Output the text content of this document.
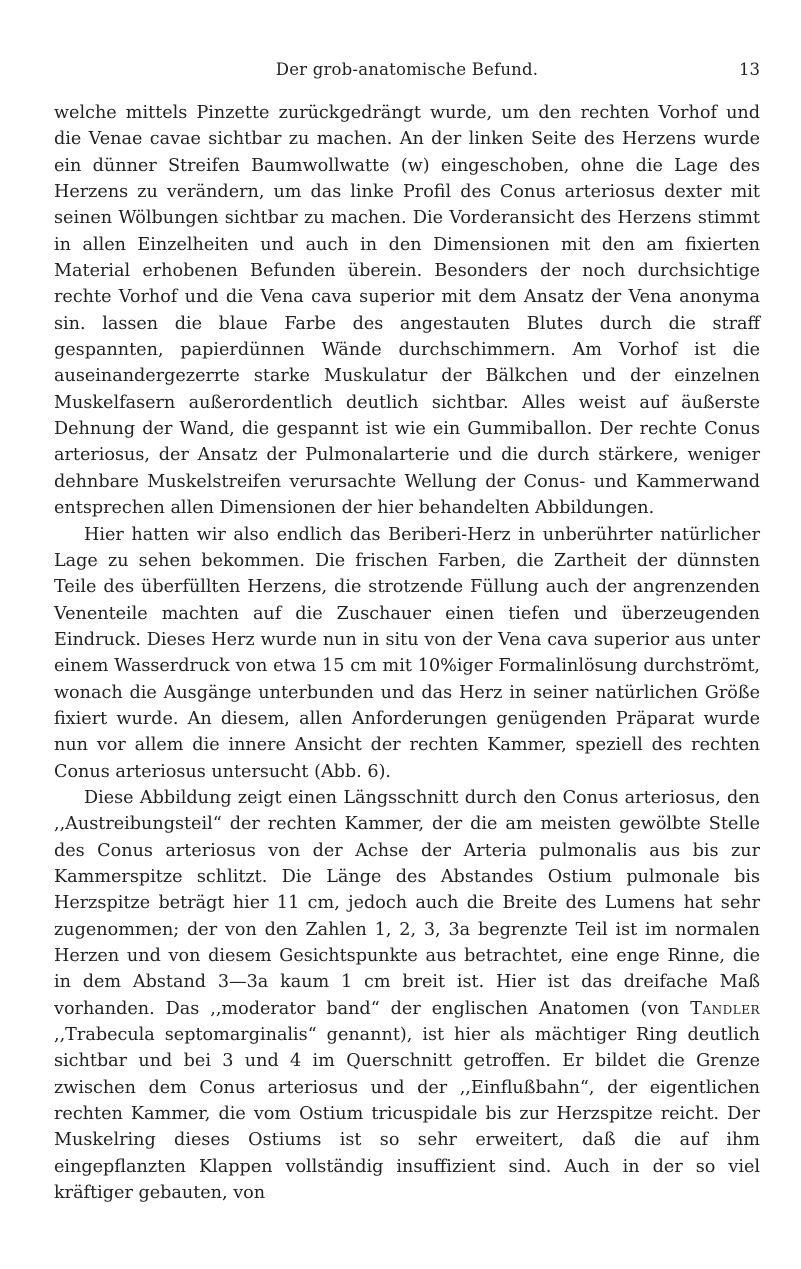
Der grob-anatomische Befund.	13

welche mittels Pinzette zurückgedrängt wurde, um den rechten Vorhof und die Venae cavae sichtbar zu machen. An der linken Seite des Herzens wurde ein dünner Streifen Baumwollwatte (w) eingeschoben, ohne die Lage des Herzens zu verändern, um das linke Profil des Conus arteriosus dexter mit seinen Wölbungen sichtbar zu machen. Die Vorderansicht des Herzens stimmt in allen Einzelheiten und auch in den Dimensionen mit den am fixierten Material erhobenen Befunden überein. Besonders der noch durchsichtige rechte Vorhof und die Vena cava superior mit dem Ansatz der Vena anonyma sin. lassen die blaue Farbe des angestauten Blutes durch die straff gespannten, papierdünnen Wände durchschimmern. Am Vorhof ist die auseinandergezerrte starke Muskulatur der Bälkchen und der einzelnen Muskelfasern außerordentlich deutlich sichtbar. Alles weist auf äußerste Dehnung der Wand, die gespannt ist wie ein Gummiballon. Der rechte Conus arteriosus, der Ansatz der Pulmonalarterie und die durch stärkere, weniger dehnbare Muskelstreifen verursachte Wellung der Conus- und Kammerwand entsprechen allen Dimensionen der hier behandelten Abbildungen.

Hier hatten wir also endlich das Beriberi-Herz in unberührter natürlicher Lage zu sehen bekommen. Die frischen Farben, die Zartheit der dünnsten Teile des überfüllten Herzens, die strotzende Füllung auch der angrenzenden Venenteile machten auf die Zuschauer einen tiefen und überzeugenden Eindruck. Dieses Herz wurde nun in situ von der Vena cava superior aus unter einem Wasserdruck von etwa 15 cm mit 10%iger Formalinlösung durchströmt, wonach die Ausgänge unterbunden und das Herz in seiner natürlichen Größe fixiert wurde. An diesem, allen Anforderungen genügenden Präparat wurde nun vor allem die innere Ansicht der rechten Kammer, speziell des rechten Conus arteriosus untersucht (Abb. 6).

Diese Abbildung zeigt einen Längsschnitt durch den Conus arteriosus, den ,,Austreibungsteil“ der rechten Kammer, der die am meisten gewölbte Stelle des Conus arteriosus von der Achse der Arteria pulmonalis aus bis zur Kammerspitze schlitzt. Die Länge des Abstandes Ostium pulmonale bis Herzspitze beträgt hier 11 cm, jedoch auch die Breite des Lumens hat sehr zugenommen; der von den Zahlen 1, 2, 3, 3a begrenzte Teil ist im normalen Herzen und von diesem Gesichtspunkte aus betrachtet, eine enge Rinne, die in dem Abstand 3—3a kaum 1 cm breit ist. Hier ist das dreifache Maß vorhanden. Das ,,moderator band“ der englischen Anatomen (von Tandler ,,Trabecula septomarginalis“ genannt), ist hier als mächtiger Ring deutlich sichtbar und bei 3 und 4 im Querschnitt getroffen. Er bildet die Grenze zwischen dem Conus arteriosus und der ,,Einflußbahn“, der eigentlichen rechten Kammer, die vom Ostium tricuspidale bis zur Herzspitze reicht. Der Muskelring dieses Ostiums ist so sehr erweitert, daß die auf ihm eingepflanzten Klappen vollständig insuffizient sind. Auch in der so viel kräftiger gebauten, von
